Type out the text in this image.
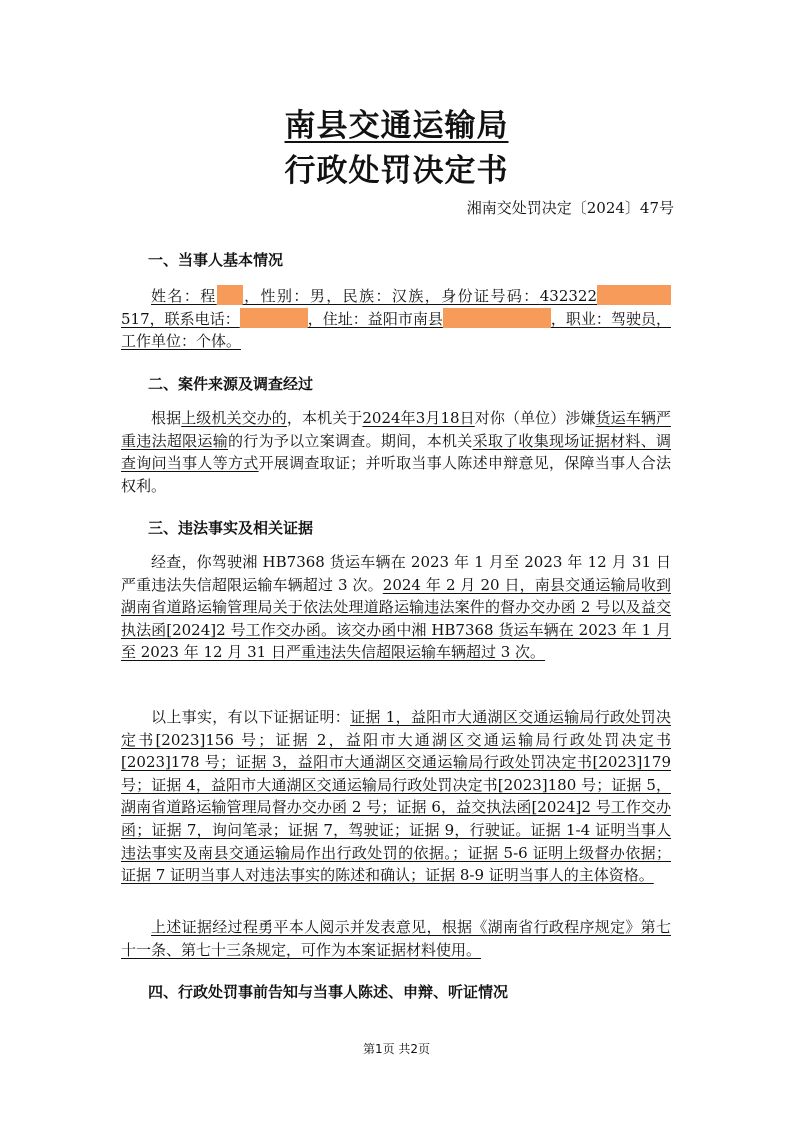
南县交通运输局
行政处罚决定书
湘南交处罚决定〔2024〕47号
一、当事人基本情况
姓名：程 ，性别：男，民族：汉族，身份证号码：432322517，联系电话：	，住址：益阳市南县	，职业：驾驶员，工作单位：个体。
二、案件来源及调查经过
根据上级机关交办的，本机关于2024年3月18日对你（单位）涉嫌货运车辆严重违法超限运输的行为予以立案调查。期间，本机关采取了收集现场证据材料、调查询问当事人等方式开展调查取证；并听取当事人陈述申辩意见，保障当事人合法权利。
三、违法事实及相关证据
经查，你驾驶湘 HB7368 货运车辆在 2023 年 1 月至 2023 年 12 月 31 日严重违法失信超限运输车辆超过 3 次。2024 年 2 月 20 日，南县交通运输局收到湖南省道路运输管理局关于依法处理道路运输违法案件的督办交办函 2 号以及益交执法函[2024]2 号工作交办函。该交办函中湘 HB7368 货运车辆在 2023 年 1 月至 2023 年 12 月 31 日严重违法失信超限运输车辆超过 3 次。
以上事实，有以下证据证明：证据 1，益阳市大通湖区交通运输局行政处罚决定书[2023]156 号；证据 2，益阳市大通湖区交通运输局行政处罚决定书[2023]178 号；证据 3，益阳市大通湖区交通运输局行政处罚决定书[2023]179 号；证据 4，益阳市大通湖区交通运输局行政处罚决定书[2023]180 号；证据 5，湖南省道路运输管理局督办交办函 2 号；证据 6，益交执法函[2024]2 号工作交办函；证据 7，询问笔录；证据 7，驾驶证；证据 9，行驶证。证据 1-4 证明当事人违法事实及南县交通运输局作出行政处罚的依据。；证据 5-6 证明上级督办依据；证据 7 证明当事人对违法事实的陈述和确认；证据 8-9 证明当事人的主体资格。
上述证据经过程勇平本人阅示并发表意见，根据《湖南省行政程序规定》第七十一条、第七十三条规定，可作为本案证据材料使用。
四、行政处罚事前告知与当事人陈述、申辩、听证情况
第1页 共2页
